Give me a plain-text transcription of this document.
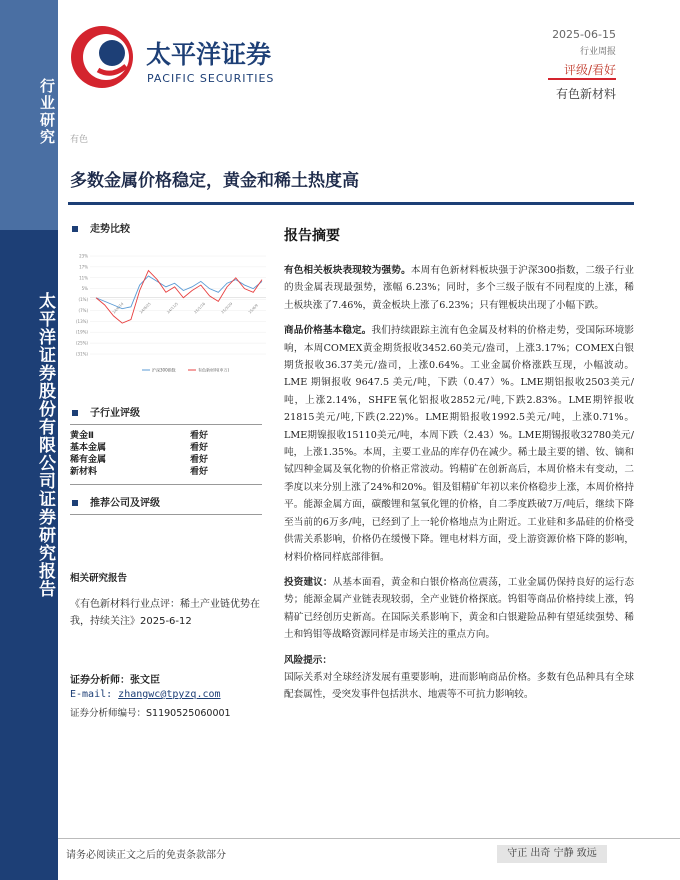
行业研究
太平洋证券股份有限公司证券研究报告
太平洋证券
PACIFIC SECURITIES
2025-06-15
行业周报
评级/看好
有色新材料
有色
多数金属价格稳定，黄金和稀土热度高
走势比较
23%
17%
11%
5%
(1%)
(7%)
(13%)
(19%)
(25%)
(31%)
24/6/14	24/8/25	24/11/5	25/1/16	25/3/29	25/6/9
沪深300指数	有色新材料(申万)
子行业评级
黄金Ⅱ	看好
基本金属	看好
稀有金属	看好
新材料	看好
推荐公司及评级
相关研究报告
《有色新材料行业点评：稀土产业链优势在我，持续关注》2025-6-12
证券分析师：张文臣
E-mail: zhangwc@tpyzq.com
证券分析师编号：S1190525060001
报告摘要

有色相关板块表现较为强势。本周有色新材料板块强于沪深300指数，二级子行业的贵金属表现最强势，涨幅 6.23%；同时，多个三级子版有不同程度的上涨，稀土板块涨了7.46%，黄金板块上涨了6.23%；只有锂板块出现了小幅下跌。

商品价格基本稳定。我们持续跟踪主流有色金属及材料的价格走势，受国际环境影响，本周COMEX黄金期货报收3452.60美元/盎司，上涨3.17%；COMEX白银期货报收36.37美元/盎司，上涨0.64%。工业金属价格涨跌互现，小幅波动。LME 期铜报收 9647.5 美元/吨，下跌（0.47）%。LME期铝报收2503美元/吨，上涨2.14%，SHFE氧化铝报收2852元/吨,下跌2.83%。LME期锌报收21815美元/吨,下跌(2.22)%。LME期铅报收1992.5美元/吨，上涨0.71%。LME期镍报收15110美元/吨，本周下跌（2.43）%。LME期锡报收32780美元/吨，上涨1.35%。本周，主要工业品的库存仍在减少。稀土最主要的镨、钕、镝和铽四种金属及氧化物的价格正常波动。钨精矿在创新高后，本周价格未有变动，二季度以来分别上涨了24%和20%。钼及钼精矿年初以来价格稳步上涨，本周价格持平。能源金属方面，碳酸锂和氢氧化锂的价格，自二季度跌破7万/吨后，继续下降至当前的6万多/吨，已经到了上一轮价格地点为止附近。工业硅和多晶硅的价格受供需关系影响，价格仍在缓慢下降。锂电材料方面，受上游资源价格下降的影响，材料价格同样底部徘徊。

投资建议：从基本面看，黄金和白银价格高位震荡，工业金属仍保持良好的运行态势；能源金属产业链表现较弱，全产业链价格探底。钨钼等商品价格持续上涨，钨精矿已经创历史新高。在国际关系影响下，黄金和白银避险品种有望延续强势、稀土和钨钼等战略资源同样是市场关注的重点方向。

风险提示：
国际关系对全球经济发展有重要影响，进而影响商品价格。多数有色品种具有全球配套属性，受突发事件包括洪水、地震等不可抗力影响较。

请务必阅读正文之后的免责条款部分	守正 出奇 宁静 致远
